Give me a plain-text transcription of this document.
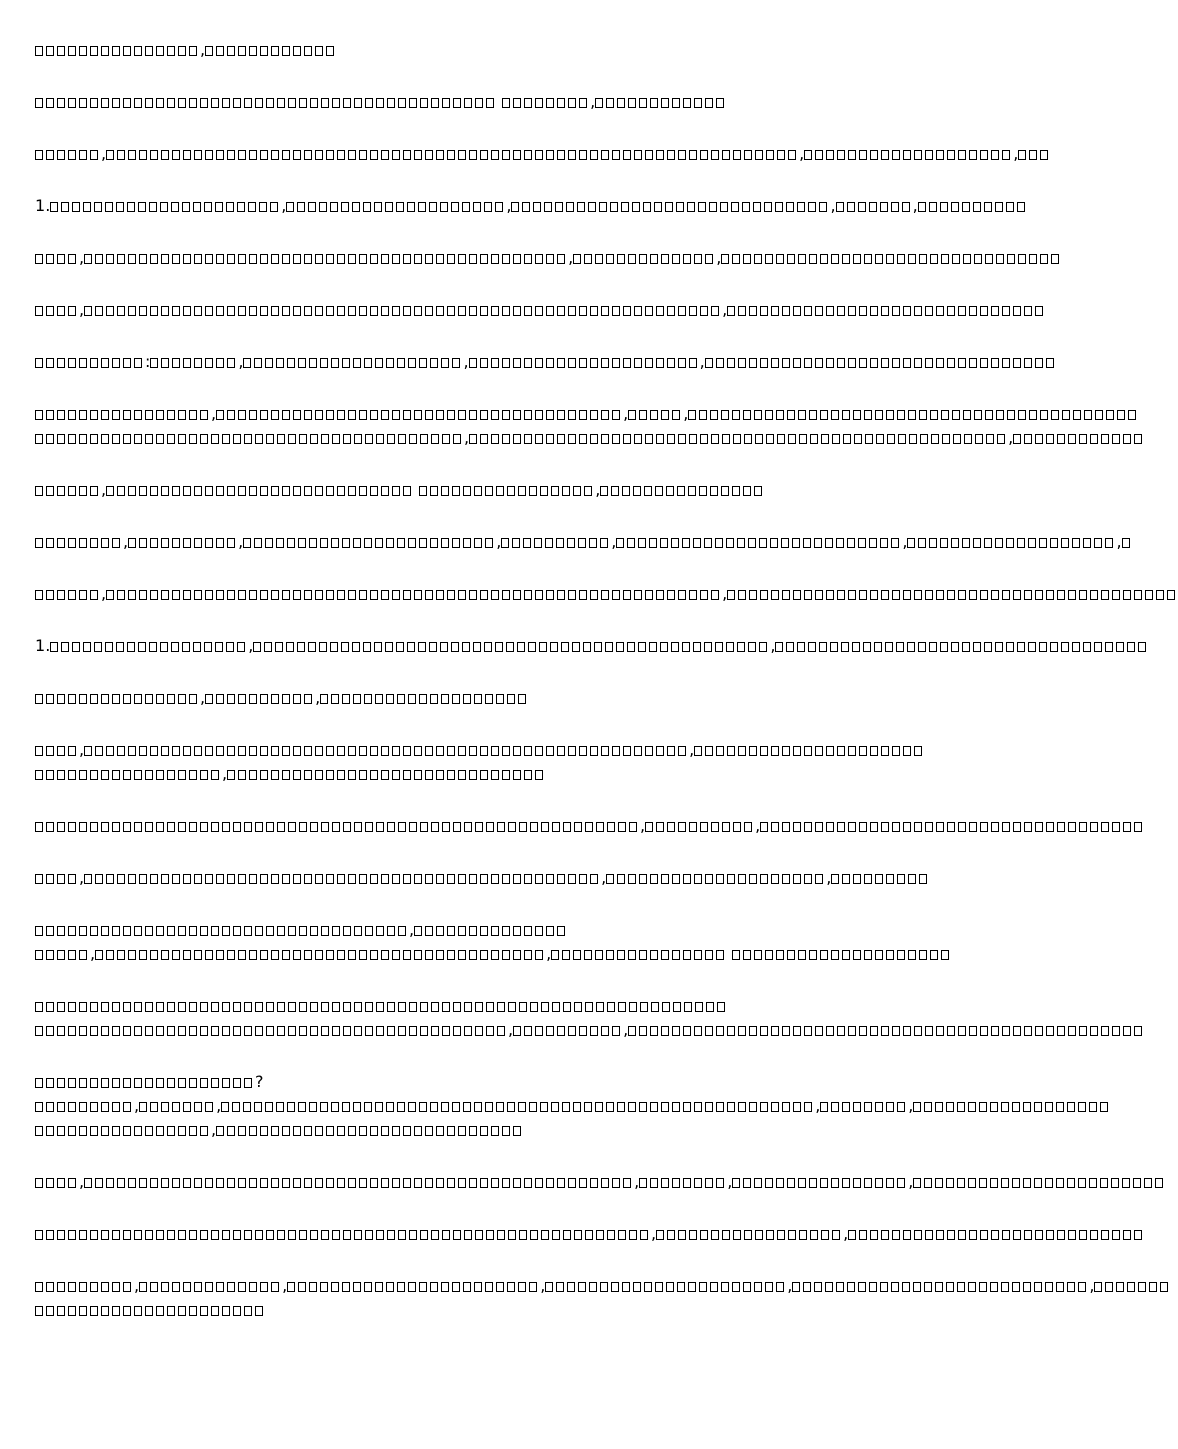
,
,
,	,	,
1.	,	,	,	,
,	,	,
,	,
:	,	,	,
,	,	,
,	,
,	,
,	,	,	,	,	,
,	,
1.	,	,
,	,
,	,
,
,	,
,	,	,
,
,	,
,	,
?
,	,	,	,
,
,	,	,	,
,	,
,	,	,	,	,
